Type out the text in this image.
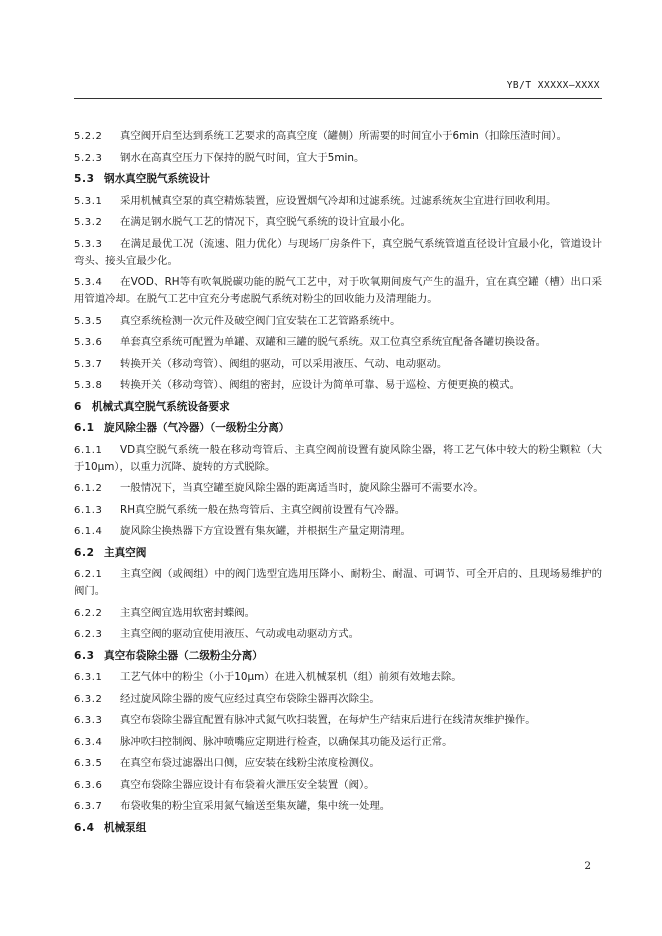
YB/T XXXXX—XXXX
5.2.2 真空阀开启至达到系统工艺要求的高真空度（罐侧）所需要的时间宜小于6min（扣除压渣时间）。
5.2.3 钢水在高真空压力下保持的脱气时间，宜大于5min。
5.3 钢水真空脱气系统设计
5.3.1 采用机械真空泵的真空精炼装置，应设置烟气冷却和过滤系统。过滤系统灰尘宜进行回收利用。
5.3.2 在满足钢水脱气工艺的情况下，真空脱气系统的设计宜最小化。
5.3.3 在满足最优工况（流速、阻力优化）与现场厂房条件下，真空脱气系统管道直径设计宜最小化，管道设计弯头、接头宜最少化。
5.3.4 在VOD、RH等有吹氧脱碳功能的脱气工艺中，对于吹氧期间废气产生的温升，宜在真空罐（槽）出口采用管道冷却。在脱气工艺中宜充分考虑脱气系统对粉尘的回收能力及清理能力。
5.3.5 真空系统检测一次元件及破空阀门宜安装在工艺管路系统中。
5.3.6 单套真空系统可配置为单罐、双罐和三罐的脱气系统。双工位真空系统宜配备各罐切换设备。
5.3.7 转换开关（移动弯管）、阀组的驱动，可以采用液压、气动、电动驱动。
5.3.8 转换开关（移动弯管）、阀组的密封，应设计为简单可靠、易于巡检、方便更换的模式。
6 机械式真空脱气系统设备要求
6.1 旋风除尘器（气冷器）（一级粉尘分离）
6.1.1 VD真空脱气系统一般在移动弯管后、主真空阀前设置有旋风除尘器，将工艺气体中较大的粉尘颗粒（大于10μm），以重力沉降、旋转的方式脱除。
6.1.2 一般情况下，当真空罐至旋风除尘器的距离适当时，旋风除尘器可不需要水冷。
6.1.3 RH真空脱气系统一般在热弯管后、主真空阀前设置有气冷器。
6.1.4 旋风除尘换热器下方宜设置有集灰罐，并根据生产量定期清理。
6.2 主真空阀
6.2.1 主真空阀（或阀组）中的阀门选型宜选用压降小、耐粉尘、耐温、可调节、可全开启的、且现场易维护的阀门。
6.2.2 主真空阀宜选用软密封蝶阀。
6.2.3 主真空阀的驱动宜使用液压、气动或电动驱动方式。
6.3 真空布袋除尘器（二级粉尘分离）
6.3.1 工艺气体中的粉尘（小于10μm）在进入机械泵机（组）前须有效地去除。
6.3.2 经过旋风除尘器的废气应经过真空布袋除尘器再次除尘。
6.3.3 真空布袋除尘器宜配置有脉冲式氮气吹扫装置，在每炉生产结束后进行在线清灰维护操作。
6.3.4 脉冲吹扫控制阀、脉冲喷嘴应定期进行检查，以确保其功能及运行正常。
6.3.5 在真空布袋过滤器出口侧，应安装在线粉尘浓度检测仪。
6.3.6 真空布袋除尘器应设计有布袋着火泄压安全装置（阀）。
6.3.7 布袋收集的粉尘宜采用氮气输送至集灰罐，集中统一处理。
6.4 机械泵组
2
